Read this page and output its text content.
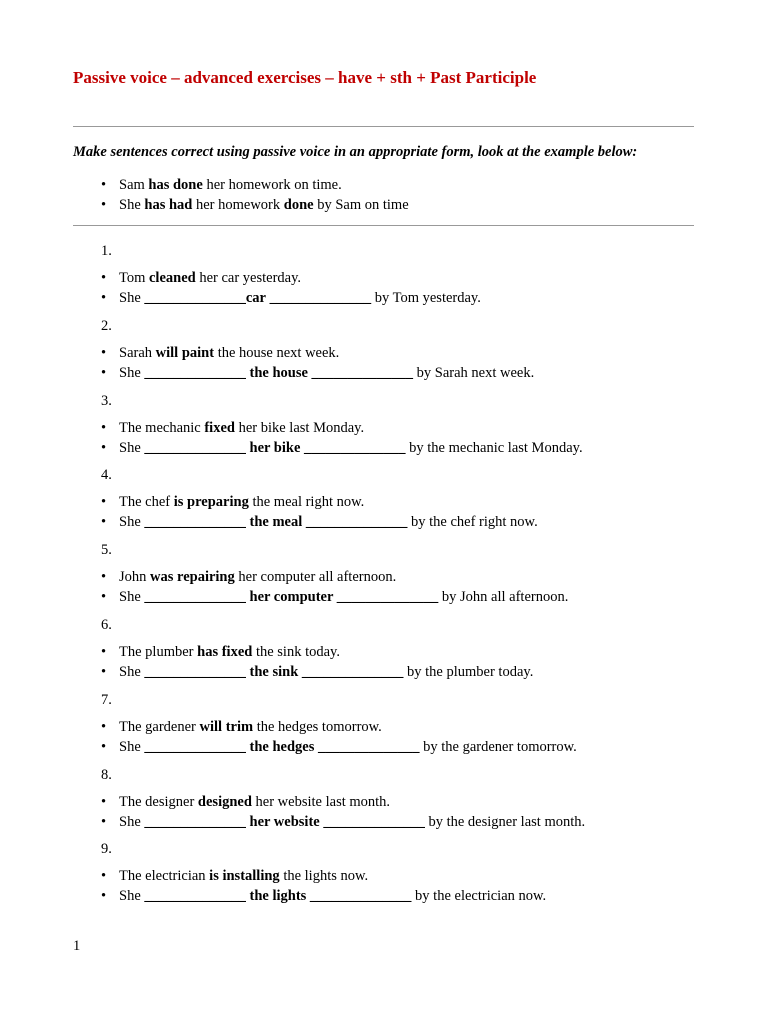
Passive voice – advanced exercises – have + sth + Past Participle
Make sentences correct using passive voice in an appropriate form, look at the example below:
• Sam has done her homework on time.
• She has had her homework done by Sam on time
1.
• Tom cleaned her car yesterday.
• She ______________car ______________ by Tom yesterday.
2.
• Sarah will paint the house next week.
• She ______________ the house ______________ by Sarah next week.
3.
• The mechanic fixed her bike last Monday.
• She ______________ her bike ______________ by the mechanic last Monday.
4.
• The chef is preparing the meal right now.
• She ______________ the meal ______________ by the chef right now.
5.
• John was repairing her computer all afternoon.
• She ______________ her computer ______________ by John all afternoon.
6.
• The plumber has fixed the sink today.
• She ______________ the sink ______________ by the plumber today.
7.
• The gardener will trim the hedges tomorrow.
• She ______________ the hedges ______________ by the gardener tomorrow.
8.
• The designer designed her website last month.
• She ______________ her website ______________ by the designer last month.
9.
• The electrician is installing the lights now.
• She ______________ the lights ______________ by the electrician now.
1
